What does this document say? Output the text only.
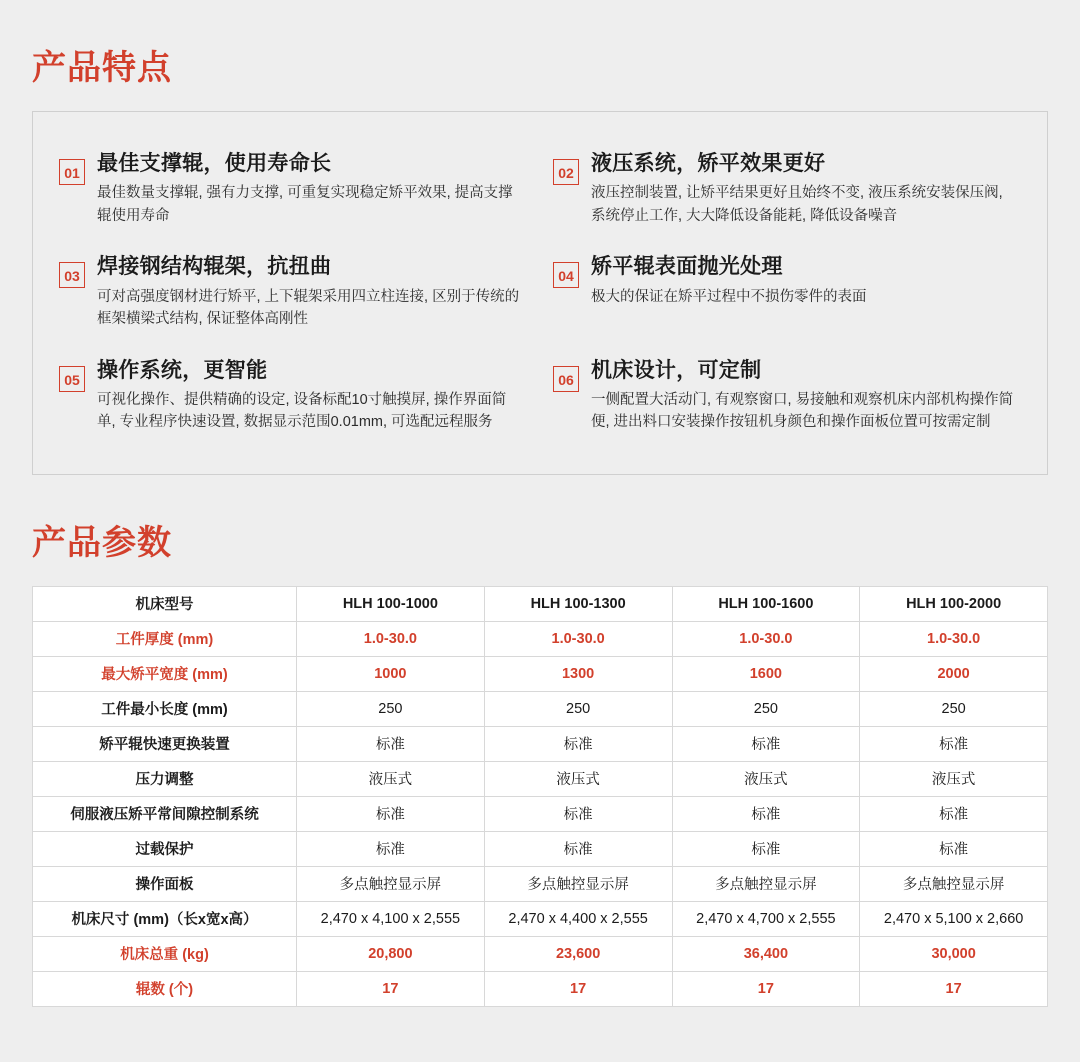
产品特点
01 最佳支撑辊，使用寿命长
最佳数量支撑辊, 强有力支撑, 可重复实现稳定矫平效果, 提高支撑辊使用寿命
02 液压系统，矫平效果更好
液压控制装置, 让矫平结果更好且始终不变, 液压系统安装保压阀, 系统停止工作, 大大降低设备能耗, 降低设备噪音
03 焊接钢结构辊架，抗扭曲
可对高强度钢材进行矫平, 上下辊架采用四立柱连接, 区别于传统的框架横梁式结构, 保证整体高刚性
04 矫平辊表面抛光处理
极大的保证在矫平过程中不损伤零件的表面
05 操作系统，更智能
可视化操作、提供精确的设定, 设备标配10寸触摸屏, 操作界面简单, 专业程序快速设置, 数据显示范围0.01mm, 可选配远程服务
06 机床设计，可定制
一侧配置大活动门, 有观察窗口, 易接触和观察机床内部机构操作简便, 进出料口安装操作按钮机身颜色和操作面板位置可按需定制
产品参数
机床型号	HLH 100-1000	HLH 100-1300	HLH 100-1600	HLH 100-2000
工件厚度 (mm)	1.0-30.0	1.0-30.0	1.0-30.0	1.0-30.0
最大矫平宽度 (mm)	1000	1300	1600	2000
工件最小长度 (mm)	250	250	250	250
矫平辊快速更换装置	标准	标准	标准	标准
压力调整	液压式	液压式	液压式	液压式
伺服液压矫平常间隙控制系统	标准	标准	标准	标准
过载保护	标准	标准	标准	标准
操作面板	多点触控显示屏	多点触控显示屏	多点触控显示屏	多点触控显示屏
机床尺寸 (mm)（长x宽x高）	2,470 x 4,100 x 2,555	2,470 x 4,400 x 2,555	2,470 x 4,700 x 2,555	2,470 x 5,100 x 2,660
机床总重 (kg)	20,800	23,600	36,400	30,000
辊数 (个)	17	17	17	17
